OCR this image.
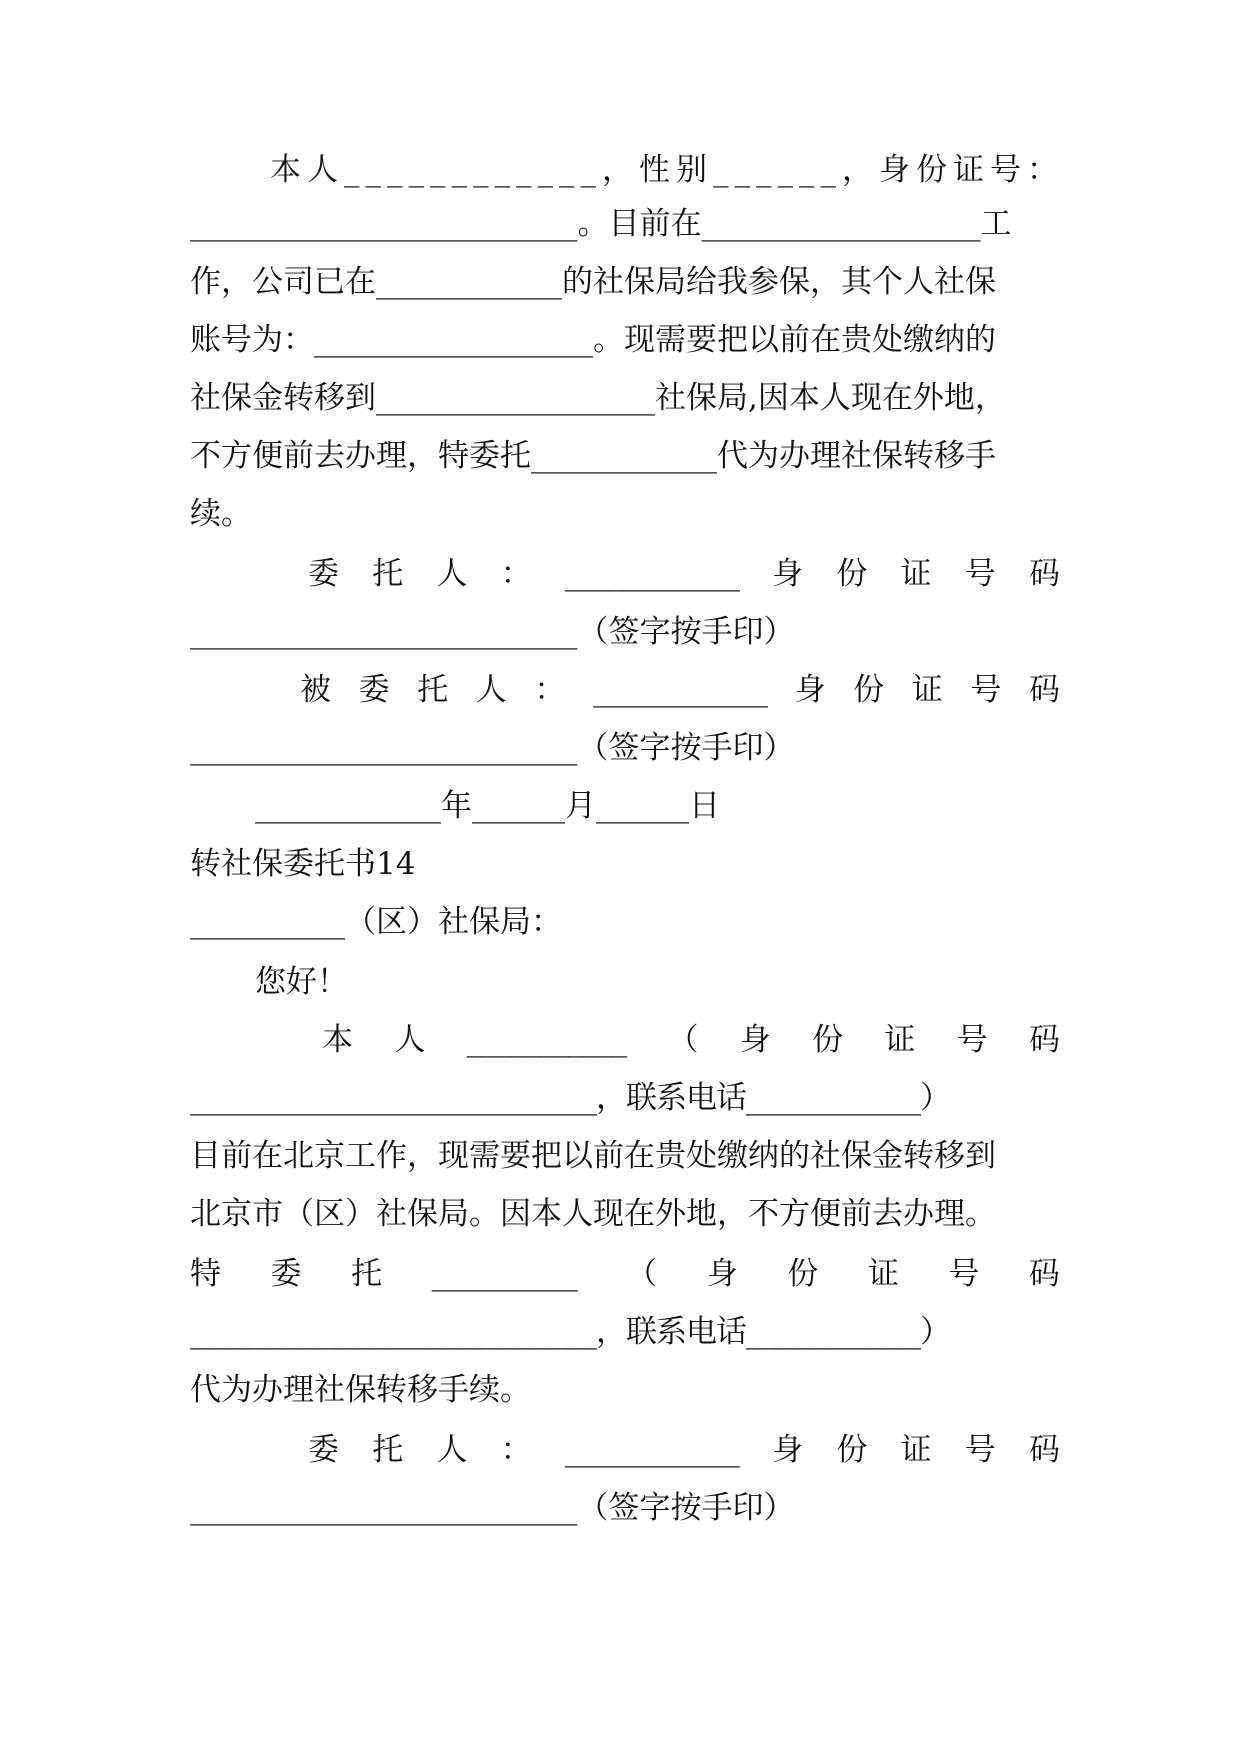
本人____________ ，性别______ ，身份证号：
_________________________。目前在__________________工
作，公司已在____________的社保局给我参保，其个人社保
账号为：__________________。现需要把以前在贵处缴纳的
社保金转移到__________________社保局,因本人现在外地，
不方便前去办理，特委托____________代为办理社保转移手
续。
委 托 人 ： ____________ 身 份 证 号 码
_________________________（签字按手印）
被 委 托 人 ： ____________ 身 份 证 号 码
_________________________（签字按手印）
____________年______月______日
转社保委托书14
__________（区）社保局：
您好！
本 人 ___________ （ 身 份 证 号 码
____________________________，联系电话____________）
目前在北京工作，现需要把以前在贵处缴纳的社保金转移到
北京市（区）社保局。因本人现在外地，不方便前去办理。
特 委 托 __________ （ 身 份 证 号 码
____________________________，联系电话____________）
代为办理社保转移手续。
委 托 人 ： ____________ 身 份 证 号 码
_________________________（签字按手印）
